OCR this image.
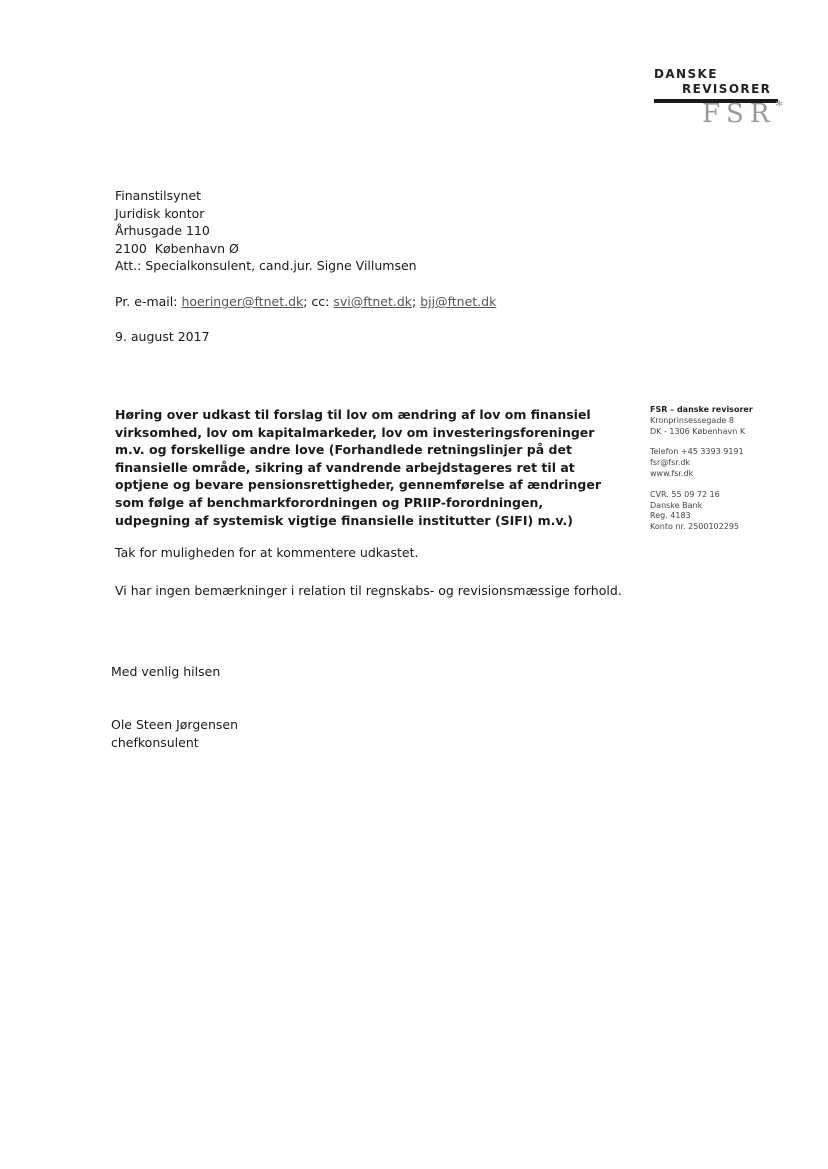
DANSKE
REVISORER
FSR*
Finanstilsynet
Juridisk kontor
Århusgade 110
2100  København Ø
Att.: Specialkonsulent, cand.jur. Signe Villumsen
Pr. e-mail: hoeringer@ftnet.dk; cc: svi@ftnet.dk; bjj@ftnet.dk
9. august 2017
Høring over udkast til forslag til lov om ændring af lov om finansiel virksomhed, lov om kapitalmarkeder, lov om investeringsforeninger m.v. og forskellige andre love (Forhandlede retningslinjer på det finansielle område, sikring af vandrende arbejdstageres ret til at optjene og bevare pensionsrettigheder, gennemførelse af ændringer som følge af benchmarkforordningen og PRIIP-forordningen, udpegning af systemisk vigtige finansielle institutter (SIFI) m.v.)
Tak for muligheden for at kommentere udkastet.
Vi har ingen bemærkninger i relation til regnskabs- og revisionsmæssige forhold.
FSR – danske revisorer
Kronprinsessegade 8
DK - 1306 København K
Telefon +45 3393 9191
fsr@fsr.dk
www.fsr.dk
CVR. 55 09 72 16
Danske Bank
Reg. 4183
Konto nr. 2500102295
Med venlig hilsen
Ole Steen Jørgensen
chefkonsulent
